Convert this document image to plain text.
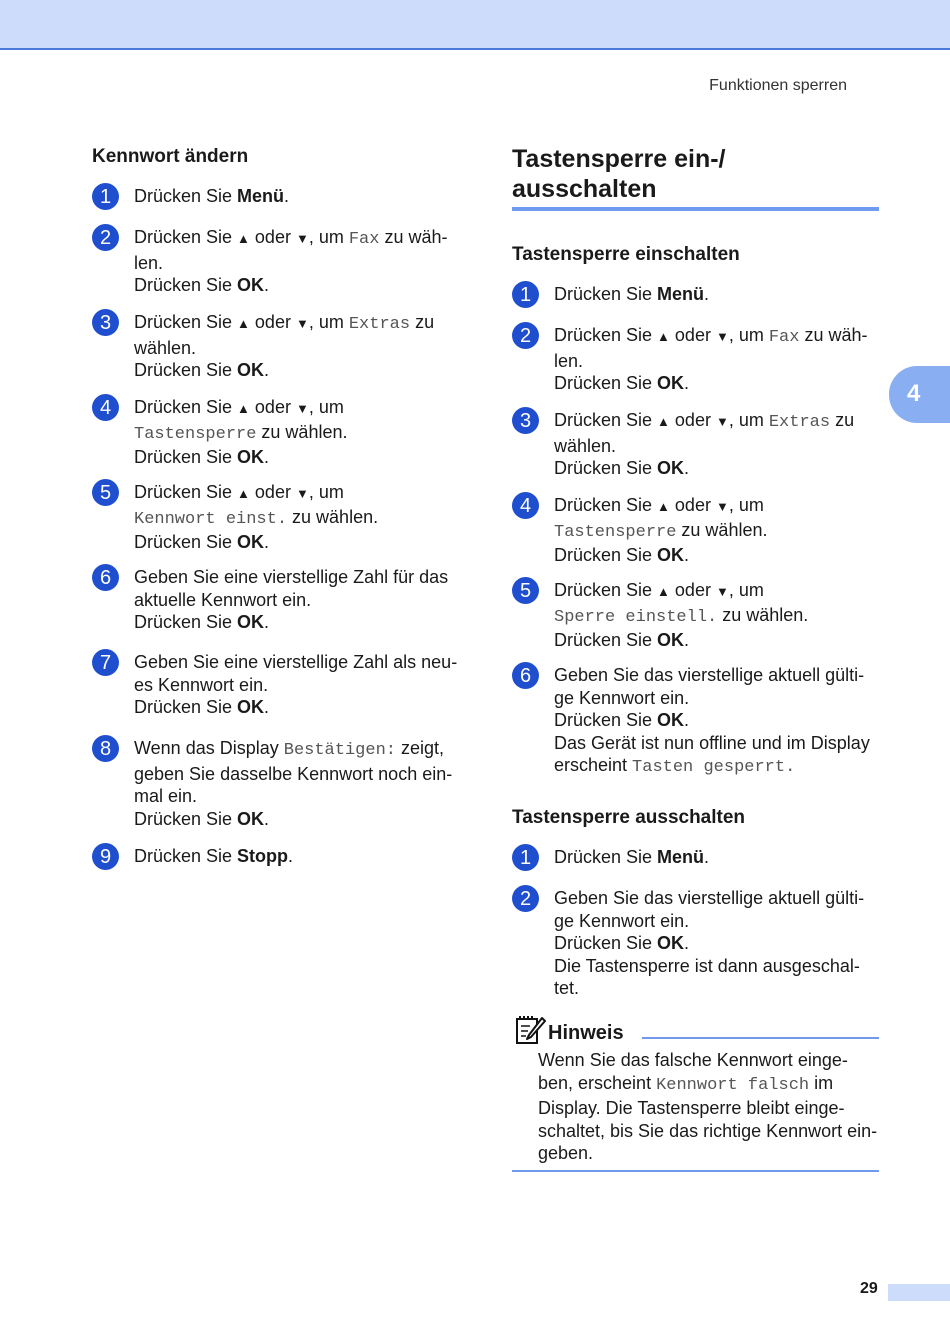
Funktionen sperren
Kennwort ändern
1	Drücken Sie Menü.
2	Drücken Sie ▲ oder ▼, um Fax zu wäh-
len.
Drücken Sie OK.
3	Drücken Sie ▲ oder ▼, um Extras zu
wählen.
Drücken Sie OK.
4	Drücken Sie ▲ oder ▼, um
Tastensperre zu wählen.
Drücken Sie OK.
5	Drücken Sie ▲ oder ▼, um
Kennwort einst. zu wählen.
Drücken Sie OK.
6	Geben Sie eine vierstellige Zahl für das
aktuelle Kennwort ein.
Drücken Sie OK.
7	Geben Sie eine vierstellige Zahl als neu-
es Kennwort ein.
Drücken Sie OK.
8	Wenn das Display Bestätigen: zeigt,
geben Sie dasselbe Kennwort noch ein-
mal ein.
Drücken Sie OK.
9	Drücken Sie Stopp.
Tastensperre ein-/
ausschalten
Tastensperre einschalten
1	Drücken Sie Menü.
2	Drücken Sie ▲ oder ▼, um Fax zu wäh-
len.
Drücken Sie OK.
3	Drücken Sie ▲ oder ▼, um Extras zu
wählen.
Drücken Sie OK.
4	Drücken Sie ▲ oder ▼, um
Tastensperre zu wählen.
Drücken Sie OK.
5	Drücken Sie ▲ oder ▼, um
Sperre einstell. zu wählen.
Drücken Sie OK.
6	Geben Sie das vierstellige aktuell gülti-
ge Kennwort ein.
Drücken Sie OK.
Das Gerät ist nun offline und im Display
erscheint Tasten gesperrt.
Tastensperre ausschalten
1	Drücken Sie Menü.
2	Geben Sie das vierstellige aktuell gülti-
ge Kennwort ein.
Drücken Sie OK.
Die Tastensperre ist dann ausgeschal-
tet.
Hinweis
Wenn Sie das falsche Kennwort einge-
ben, erscheint Kennwort falsch im
Display. Die Tastensperre bleibt einge-
schaltet, bis Sie das richtige Kennwort ein-
geben.
4
29
